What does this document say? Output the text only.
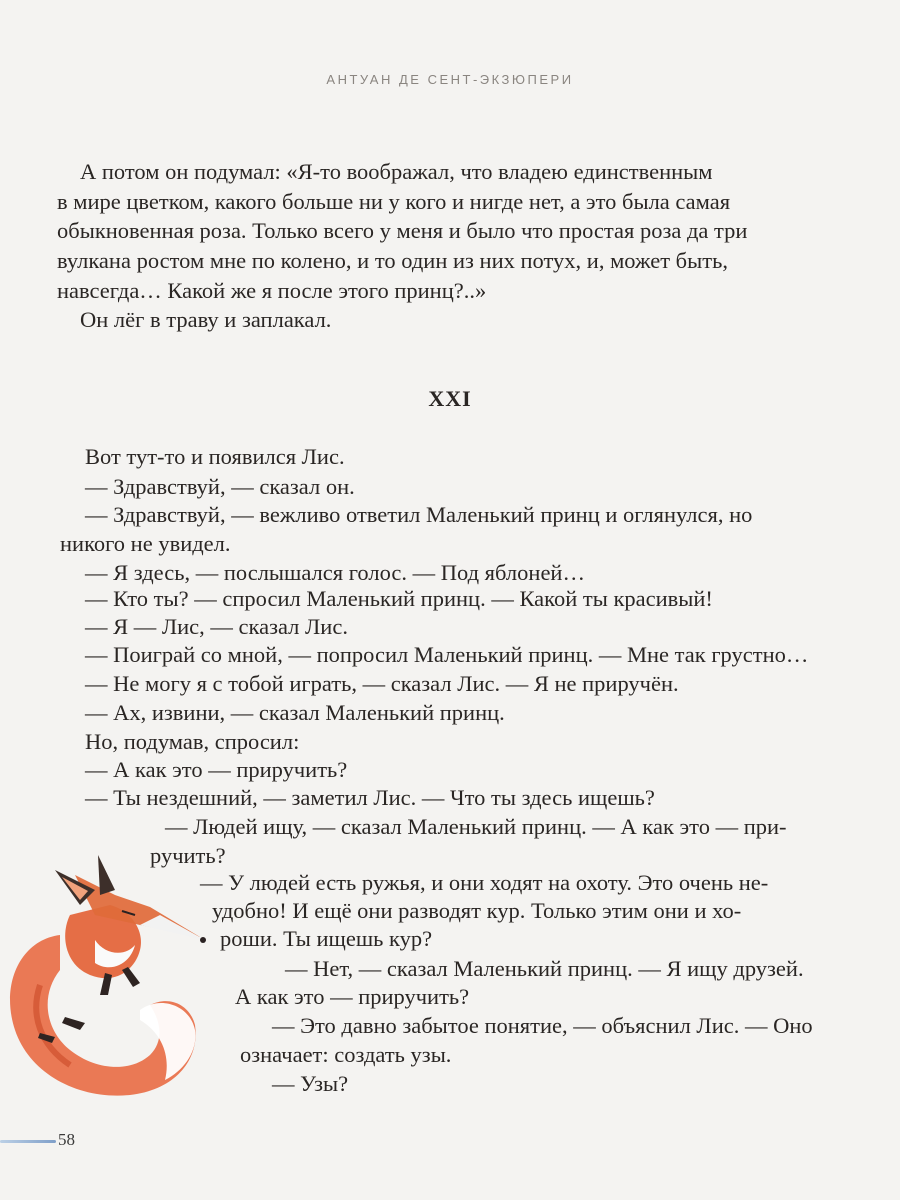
АНТУАН ДЕ СЕНТ-ЭКЗЮПЕРИ
А потом он подумал: «Я-то воображал, что владею единственным
в мире цветком, какого больше ни у кого и нигде нет, а это была самая
обыкновенная роза. Только всего у меня и было что простая роза да три
вулкана ростом мне по колено, и то один из них потух, и, может быть,
навсегда… Какой же я после этого принц?..»
Он лёг в траву и заплакал.
XXI
Вот тут-то и появился Лис.
— Здравствуй, — сказал он.
— Здравствуй, — вежливо ответил Маленький принц и оглянулся, но
никого не увидел.
— Я здесь, — послышался голос. — Под яблоней…
— Кто ты? — спросил Маленький принц. — Какой ты красивый!
— Я — Лис, — сказал Лис.
— Поиграй со мной, — попросил Маленький принц. — Мне так грустно…
— Не могу я с тобой играть, — сказал Лис. — Я не приручён.
— Ах, извини, — сказал Маленький принц.
Но, подумав, спросил:
— А как это — приручить?
— Ты нездешний, — заметил Лис. — Что ты здесь ищешь?
— Людей ищу, — сказал Маленький принц. — А как это — при-
ручить?
— У людей есть ружья, и они ходят на охоту. Это очень не-
удобно! И ещё они разводят кур. Только этим они и хо-
роши. Ты ищешь кур?
— Нет, — сказал Маленький принц. — Я ищу друзей.
А как это — приручить?
— Это давно забытое понятие, — объяснил Лис. — Оно
означает: создать узы.
— Узы?
58
